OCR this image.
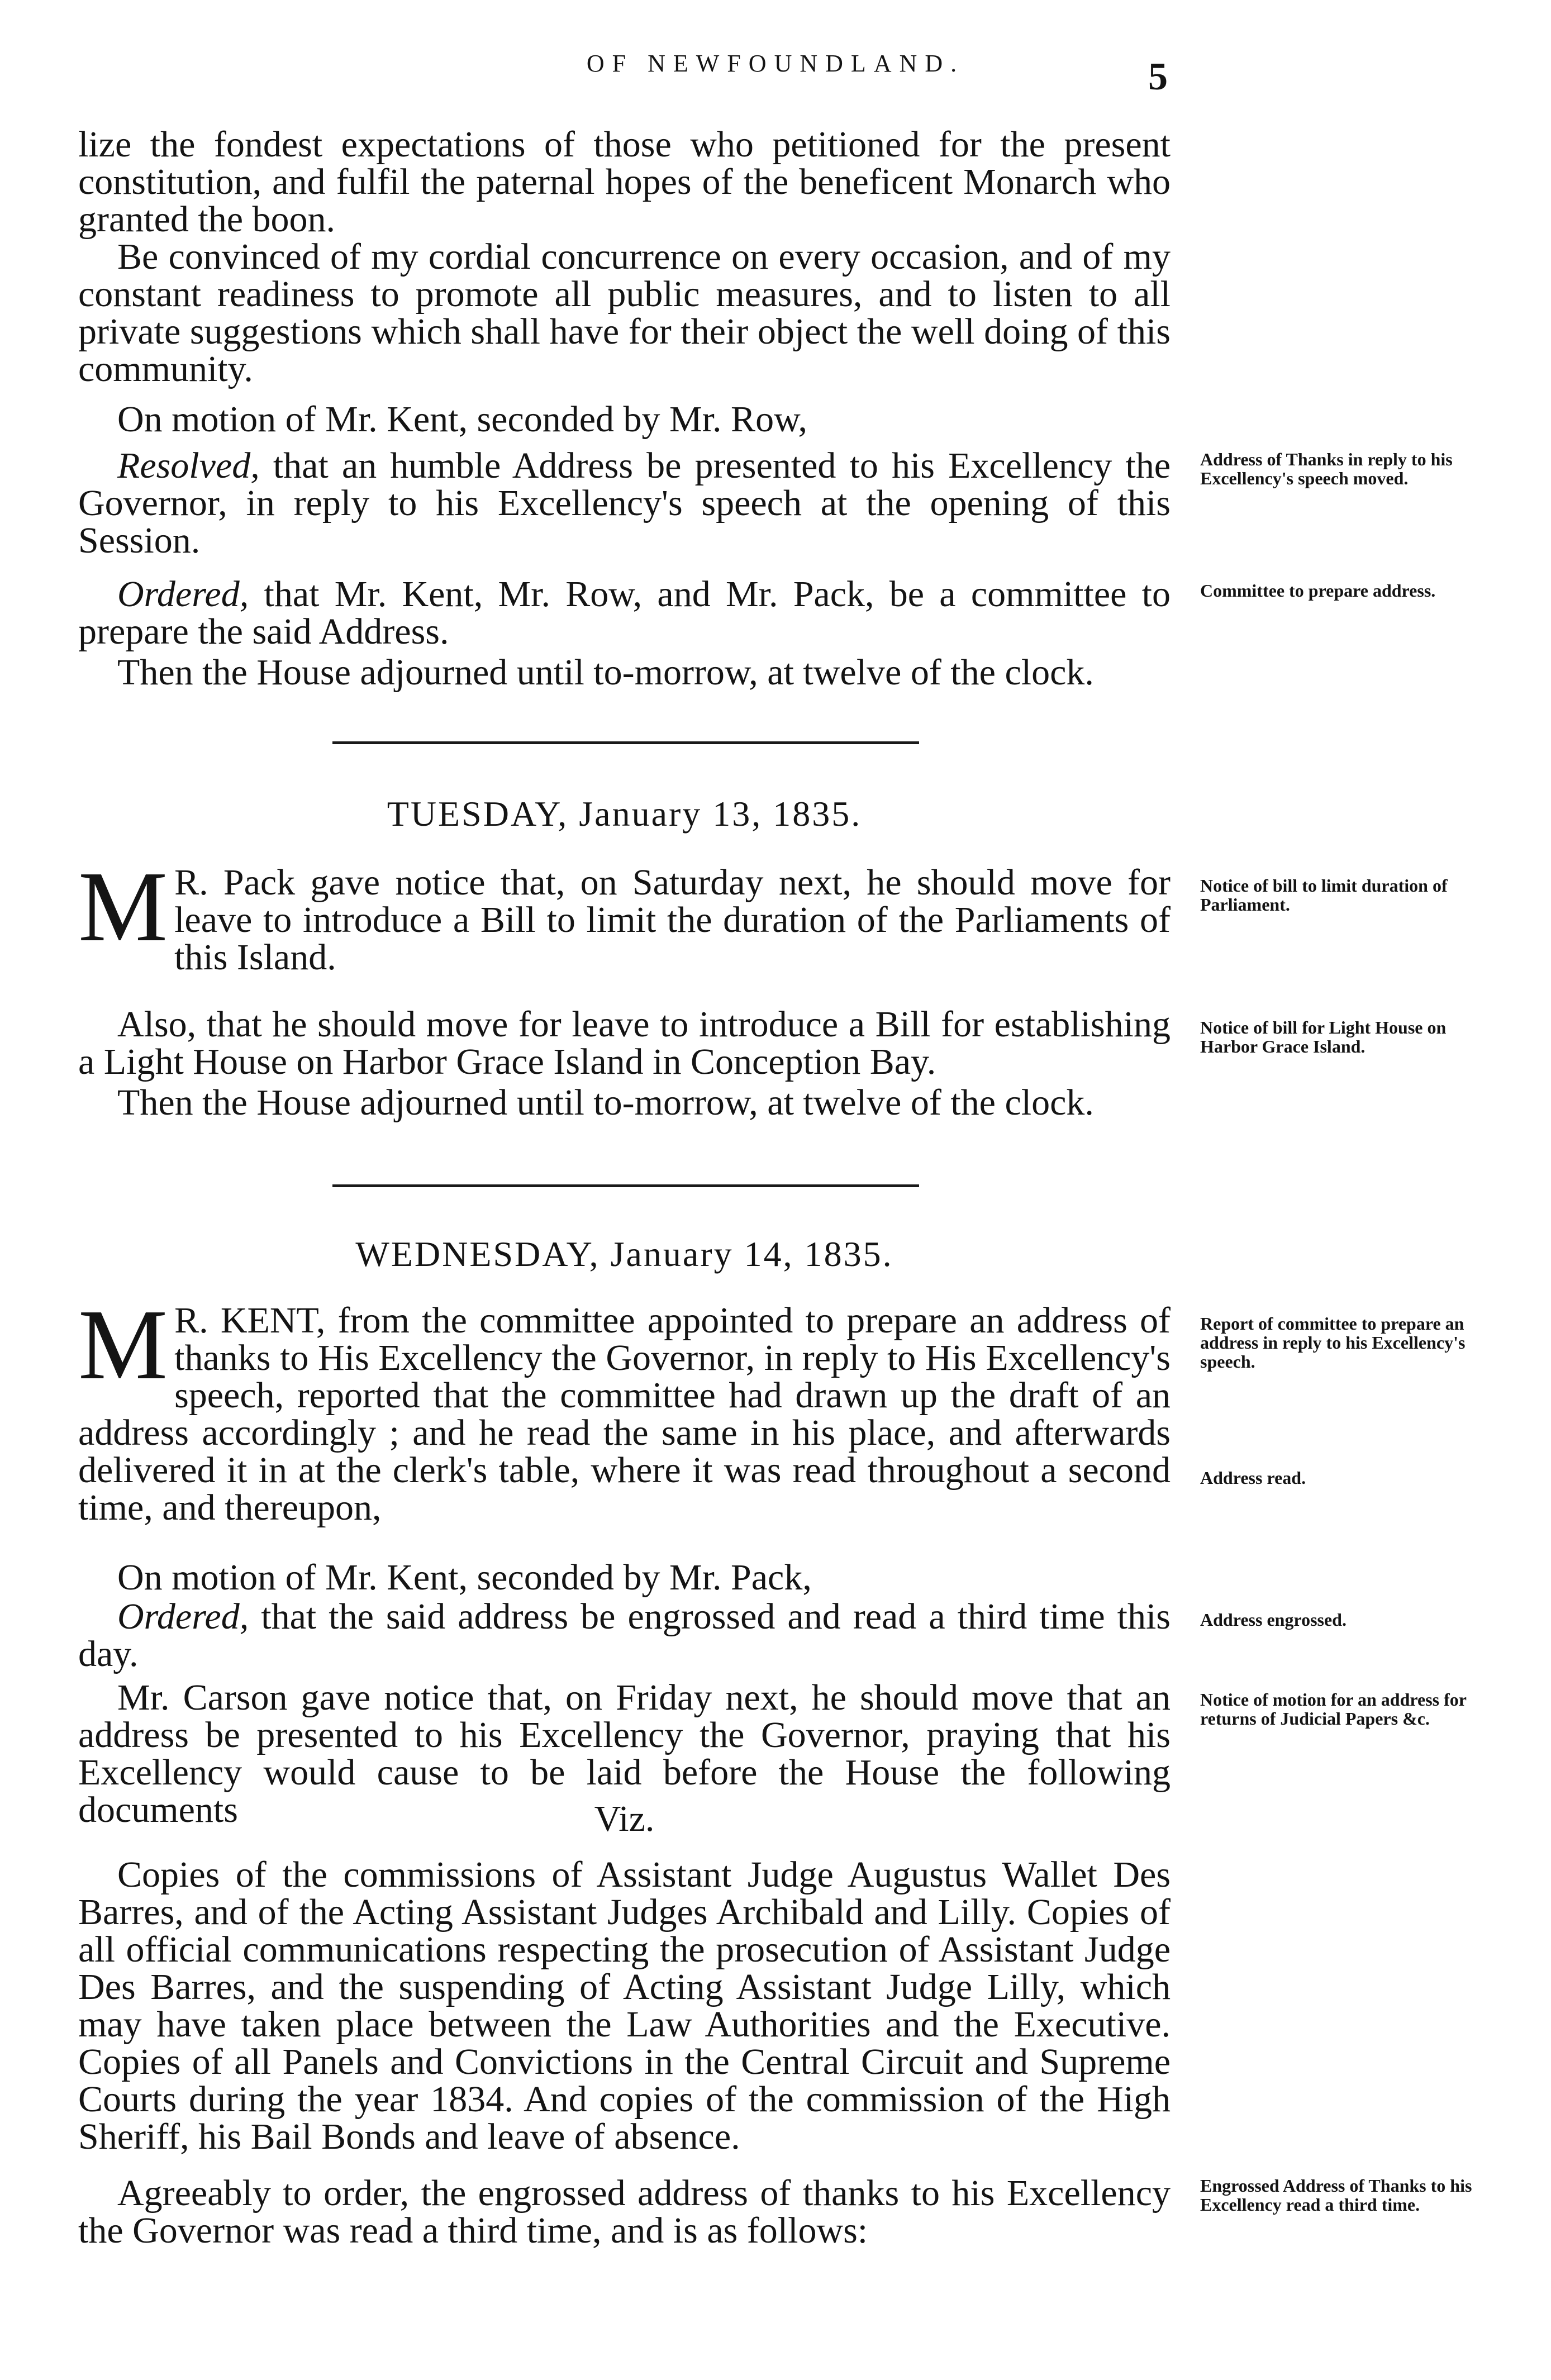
OF NEWFOUNDLAND.	5

lize the fondest expectations of those who petitioned for the present constitution, and fulfil the paternal hopes of the beneficent Monarch who granted the boon.

Be convinced of my cordial concurrence on every occasion, and of my constant readiness to promote all public measures, and to listen to all private suggestions which shall have for their object the well doing of this community.

On motion of Mr. Kent, seconded by Mr. Row,

Resolved, that an humble Address be presented to his Excellency the Governor, in reply to his Excellency's speech at the opening of this Session.

Ordered, that Mr. Kent, Mr. Row, and Mr. Pack, be a committee to prepare the said Address.

Then the House adjourned until to-morrow, at twelve of the clock.

TUESDAY, January 13, 1835.
M R. Pack gave notice that, on Saturday next, he should move for leave to introduce a Bill to limit the duration of the Parliaments of this Island.

Also, that he should move for leave to introduce a Bill for establishing a Light House on Harbor Grace Island in Conception Bay.

Then the House adjourned until to-morrow, at twelve of the clock.

WEDNESDAY, January 14, 1835.
M R. KENT, from the committee appointed to prepare an address of thanks to His Excellency the Governor, in reply to His Excellency's speech, reported that the committee had drawn up the draft of an address accordingly ; and he read the same in his place, and afterwards delivered it in at the clerk's table, where it was read throughout a second time, and thereupon,

On motion of Mr. Kent, seconded by Mr. Pack,

Ordered, that the said address be engrossed and read a third time this day.

Mr. Carson gave notice that, on Friday next, he should move that an address be presented to his Excellency the Governor, praying that his Excellency would cause to be laid before the House the following documents	Viz.

Copies of the commissions of Assistant Judge Augustus Wallet Des Barres, and of the Acting Assistant Judges Archibald and Lilly. Copies of all official communications respecting the prosecution of Assistant Judge Des Barres, and the suspending of Acting Assistant Judge Lilly, which may have taken place between the Law Authorities and the Executive. Copies of all Panels and Convictions in the Central Circuit and Supreme Courts during the year 1834. And copies of the commission of the High Sheriff, his Bail Bonds and leave of absence.

Agreeably to order, the engrossed address of thanks to his Excellency the Governor was read a third time, and is as follows:

Address of Thanks in reply to his Excellency's speech moved.
Committee to prepare address.
Notice of bill to limit duration of Parliament.
Notice of bill for Light House on Harbor Grace Island.
Report of committee to prepare an address in reply to his Excellency's speech.
Address read.
Address engrossed.
Notice of motion for an address for returns of Judicial Papers &c.
Engrossed Address of Thanks to his Excellency read a third time.
